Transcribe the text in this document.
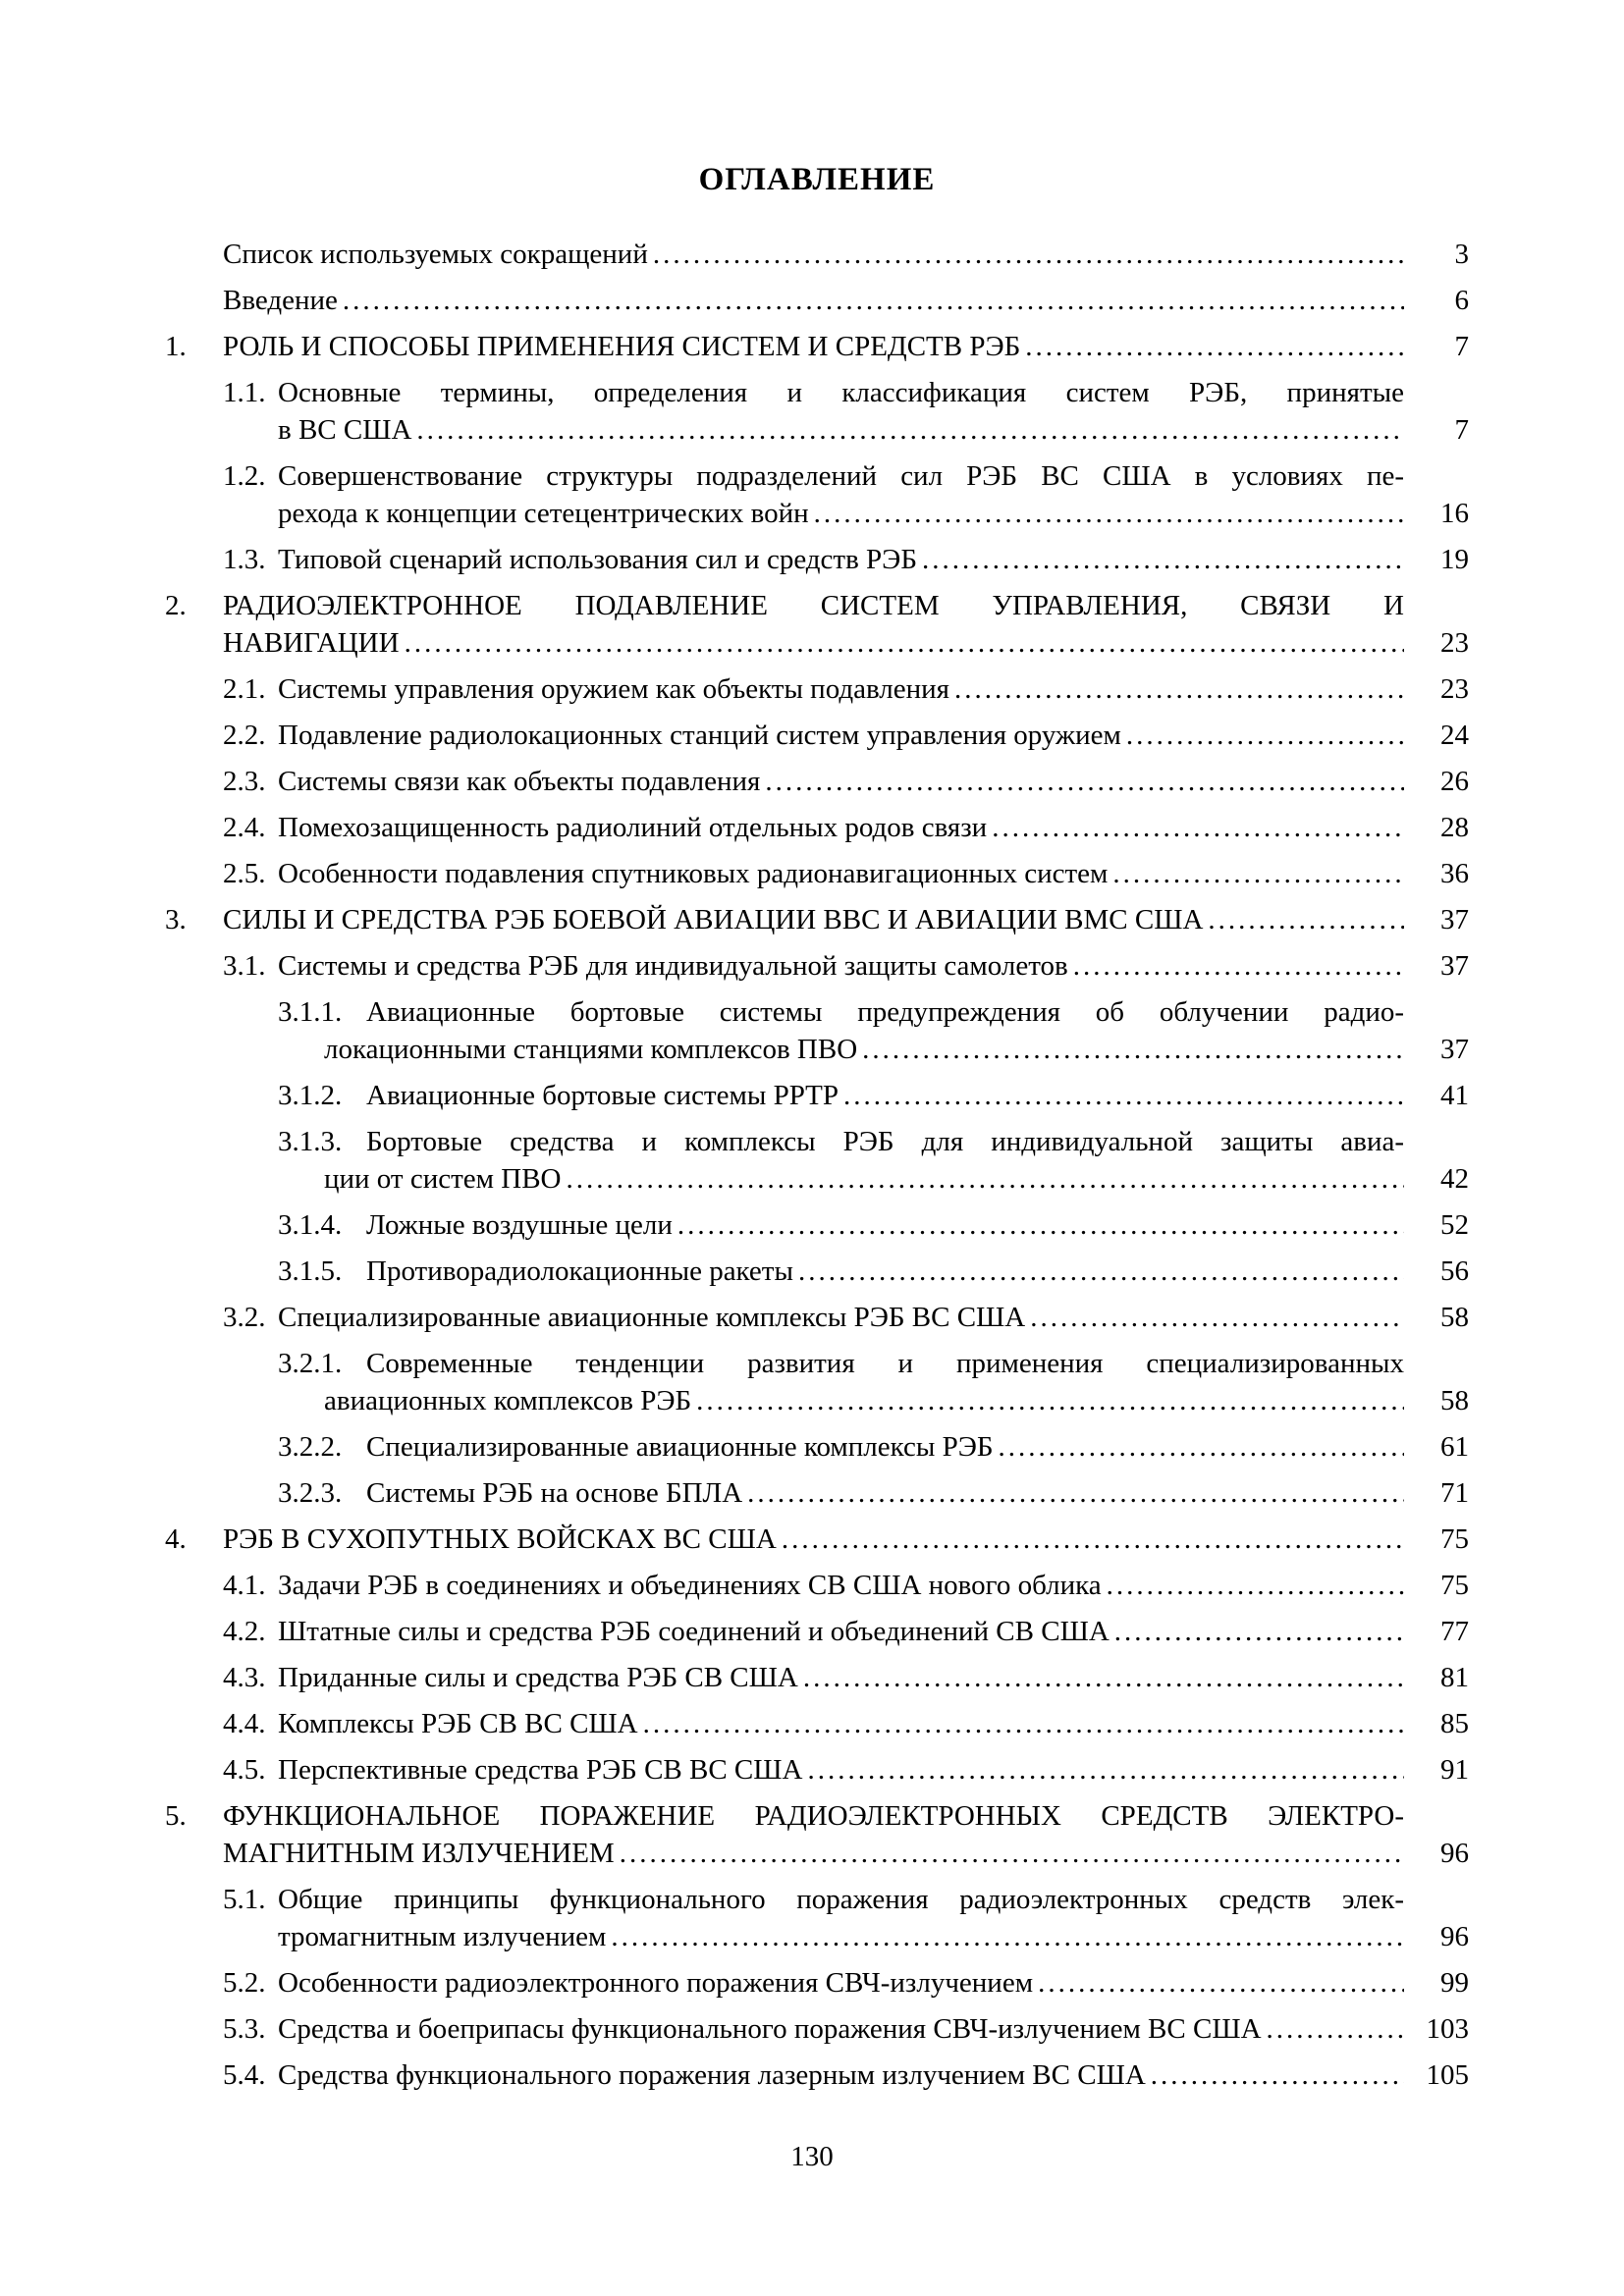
ОГЛАВЛЕНИЕ
Список используемых сокращений .....	3
Введение .....	6
1.	РОЛЬ И СПОСОБЫ ПРИМЕНЕНИЯ СИСТЕМ И СРЕДСТВ РЭБ .....	7
1.1. Основные термины, определения и классификация систем РЭБ, принятые
в ВС США .....	7
1.2. Совершенствование структуры подразделений сил РЭБ ВС США в условиях пе-
рехода к концепции сетецентрических войн .....	16
1.3. Типовой сценарий использования сил и средств РЭБ .....	19
2. РАДИОЭЛЕКТРОННОЕ ПОДАВЛЕНИЕ СИСТЕМ УПРАВЛЕНИЯ, СВЯЗИ И
НАВИГАЦИИ .....	23
2.1. Системы управления оружием как объекты подавления .....	23
2.2. Подавление радиолокационных станций систем управления оружием .....	24
2.3. Системы связи как объекты подавления .....	26
2.4. Помехозащищенность радиолиний отдельных родов связи .....	28
2.5. Особенности подавления спутниковых радионавигационных систем .....	36
3.	СИЛЫ И СРЕДСТВА РЭБ БОЕВОЙ АВИАЦИИ ВВС И АВИАЦИИ ВМС США .....	37
3.1. Системы и средства РЭБ для индивидуальной защиты самолетов .....	37
3.1.1. Авиационные бортовые системы предупреждения об облучении радио-
локационными станциями комплексов ПВО .....	37
3.1.2. Авиационные бортовые системы РРТР .....	41
3.1.3. Бортовые средства и комплексы РЭБ для индивидуальной защиты авиа-
ции от систем ПВО .....	42
3.1.4. Ложные воздушные цели .....	52
3.1.5. Противорадиолокационные ракеты .....	56
3.2. Специализированные авиационные комплексы РЭБ ВС США .....	58
3.2.1. Современные тенденции развития и применения специализированных
авиационных комплексов РЭБ .....	58
3.2.2. Специализированные авиационные комплексы РЭБ .....	61
3.2.3. Системы РЭБ на основе БПЛА .....	71
4.	РЭБ В СУХОПУТНЫХ ВОЙСКАХ ВС США .....	75
4.1. Задачи РЭБ в соединениях и объединениях СВ США нового облика .....	75
4.2. Штатные силы и средства РЭБ соединений и объединений СВ США .....	77
4.3. Приданные силы и средства РЭБ СВ США .....	81
4.4. Комплексы РЭБ СВ ВС США .....	85
4.5. Перспективные средства РЭБ СВ ВС США .....	91
5. ФУНКЦИОНАЛЬНОЕ ПОРАЖЕНИЕ РАДИОЭЛЕКТРОННЫХ СРЕДСТВ ЭЛЕКТРО-
МАГНИТНЫМ ИЗЛУЧЕНИЕМ .....	96
5.1. Общие принципы функционального поражения радиоэлектронных средств элек-
тромагнитным излучением .....	96
5.2. Особенности радиоэлектронного поражения СВЧ-излучением .....	99
5.3. Средства и боеприпасы функционального поражения СВЧ-излучением ВС США .....	103
5.4. Средства функционального поражения лазерным излучением ВС США .....	105
130
